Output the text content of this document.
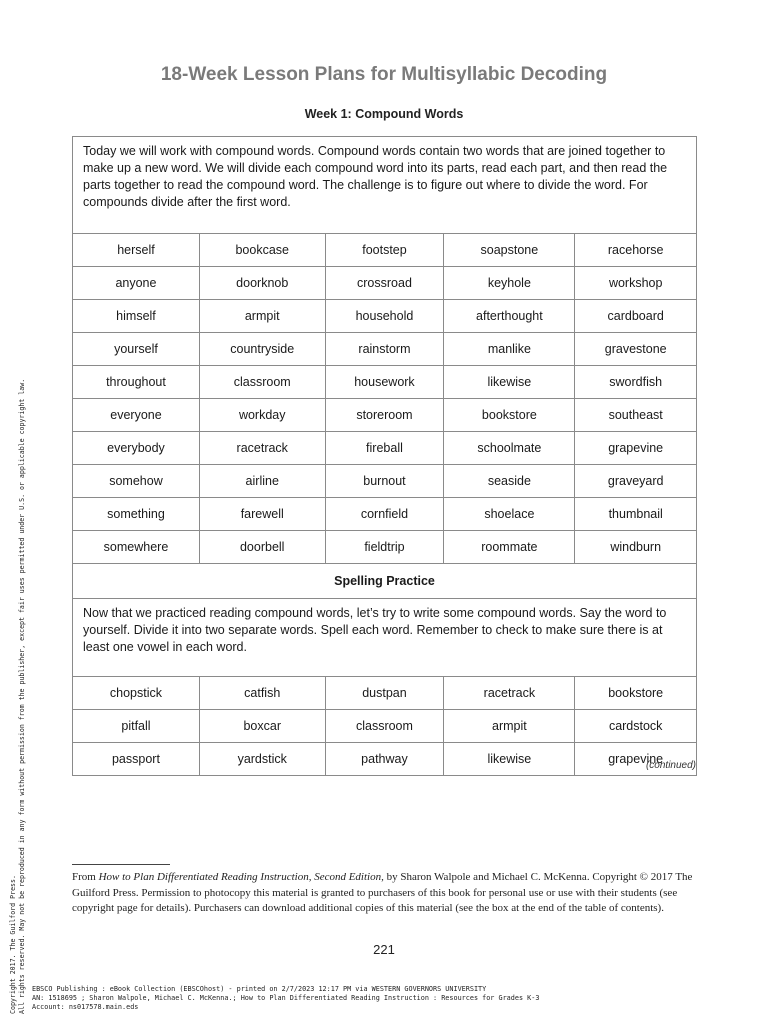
18-Week Lesson Plans for Multisyllabic Decoding
Week 1: Compound Words
Today we will work with compound words. Compound words contain two words that are joined together to make up a new word. We will divide each compound word into its parts, read each part, and then read the parts together to read the compound word. The challenge is to figure out where to divide the word. For compounds divide after the first word.				
herself	bookcase	footstep	soapstone	racehorse
anyone	doorknob	crossroad	keyhole	workshop
himself	armpit	household	afterthought	cardboard
yourself	countryside	rainstorm	manlike	gravestone
throughout	classroom	housework	likewise	swordfish
everyone	workday	storeroom	bookstore	southeast
everybody	racetrack	fireball	schoolmate	grapevine
somehow	airline	burnout	seaside	graveyard
something	farewell	cornfield	shoelace	thumbnail
somewhere	doorbell	fieldtrip	roommate	windburn
Spelling Practice				
Now that we practiced reading compound words, let’s try to write some compound words. Say the word to yourself. Divide it into two separate words. Spell each word. Remember to check to make sure there is at least one vowel in each word.				
chopstick	catfish	dustpan	racetrack	bookstore
pitfall	boxcar	classroom	armpit	cardstock
passport	yardstick	pathway	likewise	grapevine
(continued)
From How to Plan Differentiated Reading Instruction, Second Edition, by Sharon Walpole and Michael C. McKenna. Copyright © 2017 The Guilford Press. Permission to photocopy this material is granted to purchasers of this book for personal use or use with their students (see copyright page for details). Purchasers can download additional copies of this material (see the box at the end of the table of contents).
221
Copyright 2017. The Guilford Press. All rights reserved. May not be reproduced in any form without permission from the publisher, except fair uses permitted under U.S. or applicable copyright law. EBSCO Publishing : eBook Collection (EBSCOhost) - printed on 2/7/2023 12:17 PM via WESTERN GOVERNORS UNIVERSITY
AN: 1518695 ; Sharon Walpole, Michael C. McKenna.; How to Plan Differentiated Reading Instruction : Resources for Grades K-3
Account: ns017578.main.eds
